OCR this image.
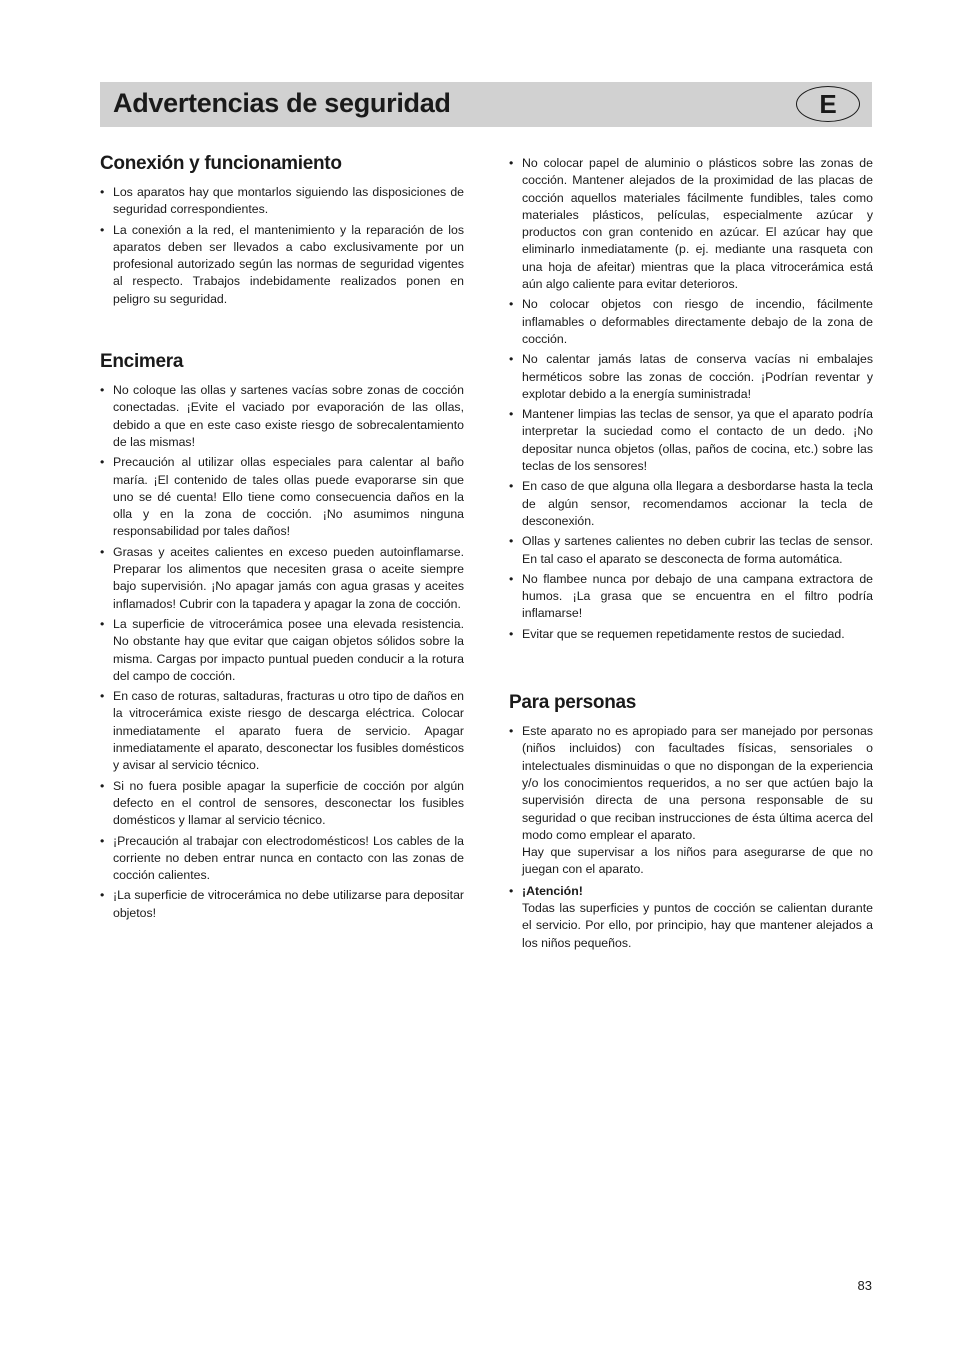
Advertencias de seguridad	E
Conexión y funcionamiento
• Los aparatos hay que montarlos siguiendo las disposiciones de seguridad correspondientes.
• La conexión a la red, el mantenimiento y la reparación de los aparatos deben ser llevados a cabo exclusivamente por un profesional autorizado según las normas de seguridad vigentes al respecto. Trabajos indebidamente realizados ponen en peligro su seguridad.
Encimera
• No coloque las ollas y sartenes vacías sobre zonas de cocción conectadas. ¡Evite el vaciado por evaporación de las ollas, debido a que en este caso existe riesgo de sobrecalentamiento de las mismas!
• Precaución al utilizar ollas especiales para calentar al baño maría. ¡El contenido de tales ollas puede evaporarse sin que uno se dé cuenta! Ello tiene como consecuencia daños en la olla y en la zona de cocción. ¡No asumimos ninguna responsabilidad por tales daños!
• Grasas y aceites calientes en exceso pueden autoinflamarse. Preparar los alimentos que necesiten grasa o aceite siempre bajo supervisión. ¡No apagar jamás con agua grasas y aceites inflamados! Cubrir con la tapadera y apagar la zona de cocción.
• La superficie de vitrocerámica posee una elevada resistencia. No obstante hay que evitar que caigan objetos sólidos sobre la misma. Cargas por impacto puntual pueden conducir a la rotura del campo de cocción.
• En caso de roturas, saltaduras, fracturas u otro tipo de daños en la vitrocerámica existe riesgo de descarga eléctrica. Colocar inmediatamente el aparato fuera de servicio. Apagar inmediatamente el aparato, desconectar los fusibles domésticos y avisar al servicio técnico.
• Si no fuera posible apagar la superficie de cocción por algún defecto en el control de sensores, desconectar los fusibles domésticos y llamar al servicio técnico.
• ¡Precaución al trabajar con electrodomésticos! Los cables de la corriente no deben entrar nunca en contacto con las zonas de cocción calientes.
• ¡La superficie de vitrocerámica no debe utilizarse para depositar objetos!
• No colocar papel de aluminio o plásticos sobre las zonas de cocción. Mantener alejados de la proximidad de las placas de cocción aquellos materiales fácilmente fundibles, tales como materiales plásticos, películas, especialmente azúcar y productos con gran contenido en azúcar. El azúcar hay que eliminarlo inmediatamente (p. ej. mediante una rasqueta con una hoja de afeitar) mientras que la placa vitrocerámica está aún algo caliente para evitar deterioros.
• No colocar objetos con riesgo de incendio, fácilmente inflamables o deformables directamente debajo de la zona de cocción.
• No calentar jamás latas de conserva vacías ni embalajes herméticos sobre las zonas de cocción. ¡Podrían reventar y explotar debido a la energía suministrada!
• Mantener limpias las teclas de sensor, ya que el aparato podría interpretar la suciedad como el contacto de un dedo. ¡No depositar nunca objetos (ollas, paños de cocina, etc.) sobre las teclas de los sensores!
• En caso de que alguna olla llegara a desbordarse hasta la tecla de algún sensor, recomendamos accionar la tecla de desconexión.
• Ollas y sartenes calientes no deben cubrir las teclas de sensor. En tal caso el aparato se desconecta de forma automática.
• No flambee nunca por debajo de una campana extractora de humos. ¡La grasa que se encuentra en el filtro podría inflamarse!
• Evitar que se requemen repetidamente restos de suciedad.
Para personas
• Este aparato no es apropiado para ser manejado por personas (niños incluidos) con facultades físicas, sensoriales o intelectuales disminuidas o que no dispongan de la experiencia y/o los conocimientos requeridos, a no ser que actúen bajo la supervisión directa de una persona responsable de su seguridad o que reciban instrucciones de ésta última acerca del modo como emplear el aparato.
Hay que supervisar a los niños para asegurarse de que no juegan con el aparato.
• ¡Atención!
Todas las superficies y puntos de cocción se calientan durante el servicio. Por ello, por principio, hay que mantener alejados a los niños pequeños.
83
